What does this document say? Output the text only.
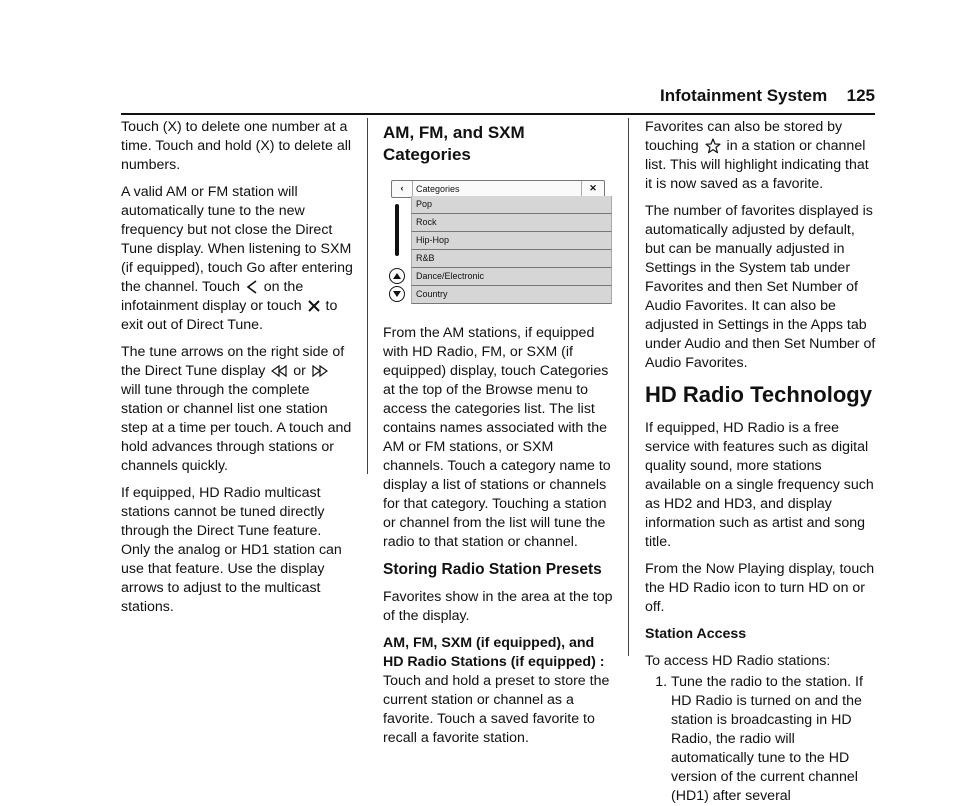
Infotainment System 125

Touch (X) to delete one number at a time. Touch and hold (X) to delete all numbers.

A valid AM or FM station will automatically tune to the new frequency but not close the Direct Tune display. When listening to SXM (if equipped), touch Go after entering the channel. Touch on the infotainment display or touch to exit out of Direct Tune.

The tune arrows on the right side of the Direct Tune display or  will tune through the complete station or channel list one station step at a time per touch. A touch and hold advances through stations or channels quickly.

If equipped, HD Radio multicast stations cannot be tuned directly through the Direct Tune feature. Only the analog or HD1 station can use that feature. Use the display arrows to adjust to the multicast stations.

AM, FM, and SXM Categories
‹	Categories	✕
Pop
Rock
Hip-Hop
R&B
Dance/Electronic
Country

From the AM stations, if equipped with HD Radio, FM, or SXM (if equipped) display, touch Categories at the top of the Browse menu to access the categories list. The list contains names associated with the AM or FM stations, or SXM channels. Touch a category name to display a list of stations or channels for that category. Touching a station or channel from the list will tune the radio to that station or channel.

Storing Radio Station Presets

Favorites show in the area at the top of the display.

AM, FM, SXM (if equipped), and HD Radio Stations (if equipped) : Touch and hold a preset to store the current station or channel as a favorite. Touch a saved favorite to recall a favorite station.

Favorites can also be stored by touching in a station or channel list. This will highlight indicating that it is now saved as a favorite.

The number of favorites displayed is automatically adjusted by default, but can be manually adjusted in Settings in the System tab under Favorites and then Set Number of Audio Favorites. It can also be adjusted in Settings in the Apps tab under Audio and then Set Number of Audio Favorites.

HD Radio Technology

If equipped, HD Radio is a free service with features such as digital quality sound, more stations available on a single frequency such as HD2 and HD3, and display information such as artist and song title.

From the Now Playing display, touch the HD Radio icon to turn HD on or off.

Station Access

To access HD Radio stations:

1. Tune the radio to the station. If HD Radio is turned on and the station is broadcasting in HD Radio, the radio will automatically tune to the HD version of the current channel (HD1) after several
